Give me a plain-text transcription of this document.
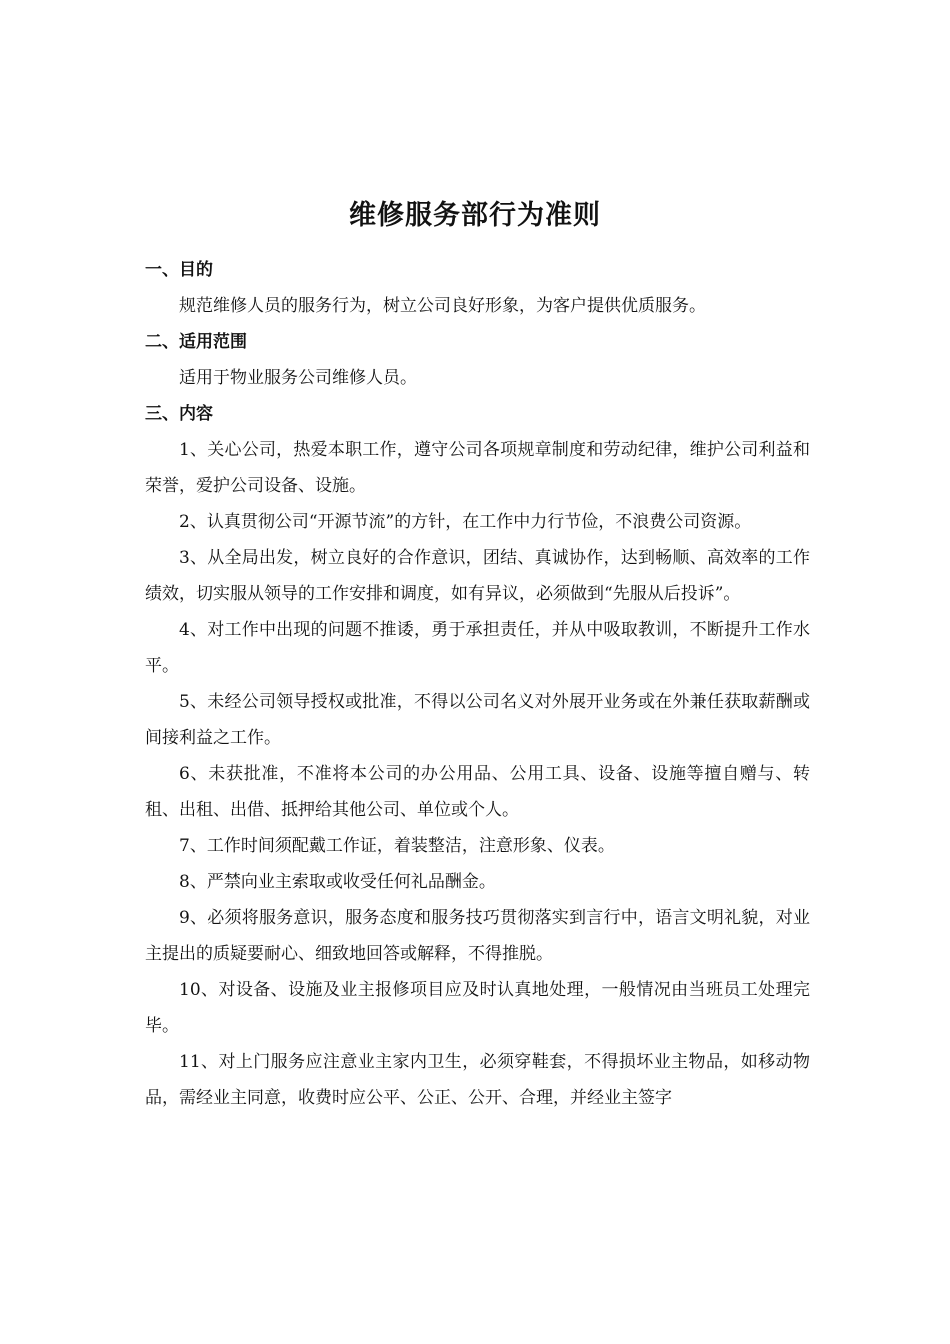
维修服务部行为准则
一、目的

规范维修人员的服务行为，树立公司良好形象，为客户提供优质服务。

二、适用范围

适用于物业服务公司维修人员。

三、内容

1、关心公司，热爱本职工作，遵守公司各项规章制度和劳动纪律，维护公司利益和荣誉，爱护公司设备、设施。

2、认真贯彻公司“开源节流”的方针，在工作中力行节俭，不浪费公司资源。

3、从全局出发，树立良好的合作意识，团结、真诚协作，达到畅顺、高效率的工作绩效，切实服从领导的工作安排和调度，如有异议，必须做到“先服从后投诉”。

4、对工作中出现的问题不推诿，勇于承担责任，并从中吸取教训，不断提升工作水平。

5、未经公司领导授权或批准，不得以公司名义对外展开业务或在外兼任获取薪酬或间接利益之工作。

6、未获批准，不准将本公司的办公用品、公用工具、设备、设施等擅自赠与、转租、出租、出借、抵押给其他公司、单位或个人。

7、工作时间须配戴工作证，着装整洁，注意形象、仪表。

8、严禁向业主索取或收受任何礼品酬金。

9、必须将服务意识，服务态度和服务技巧贯彻落实到言行中，语言文明礼貌，对业主提出的质疑要耐心、细致地回答或解释，不得推脱。

10、对设备、设施及业主报修项目应及时认真地处理，一般情况由当班员工处理完毕。

11、对上门服务应注意业主家内卫生，必须穿鞋套，不得损坏业主物品，如移动物品，需经业主同意，收费时应公平、公正、公开、合理，并经业主签字
